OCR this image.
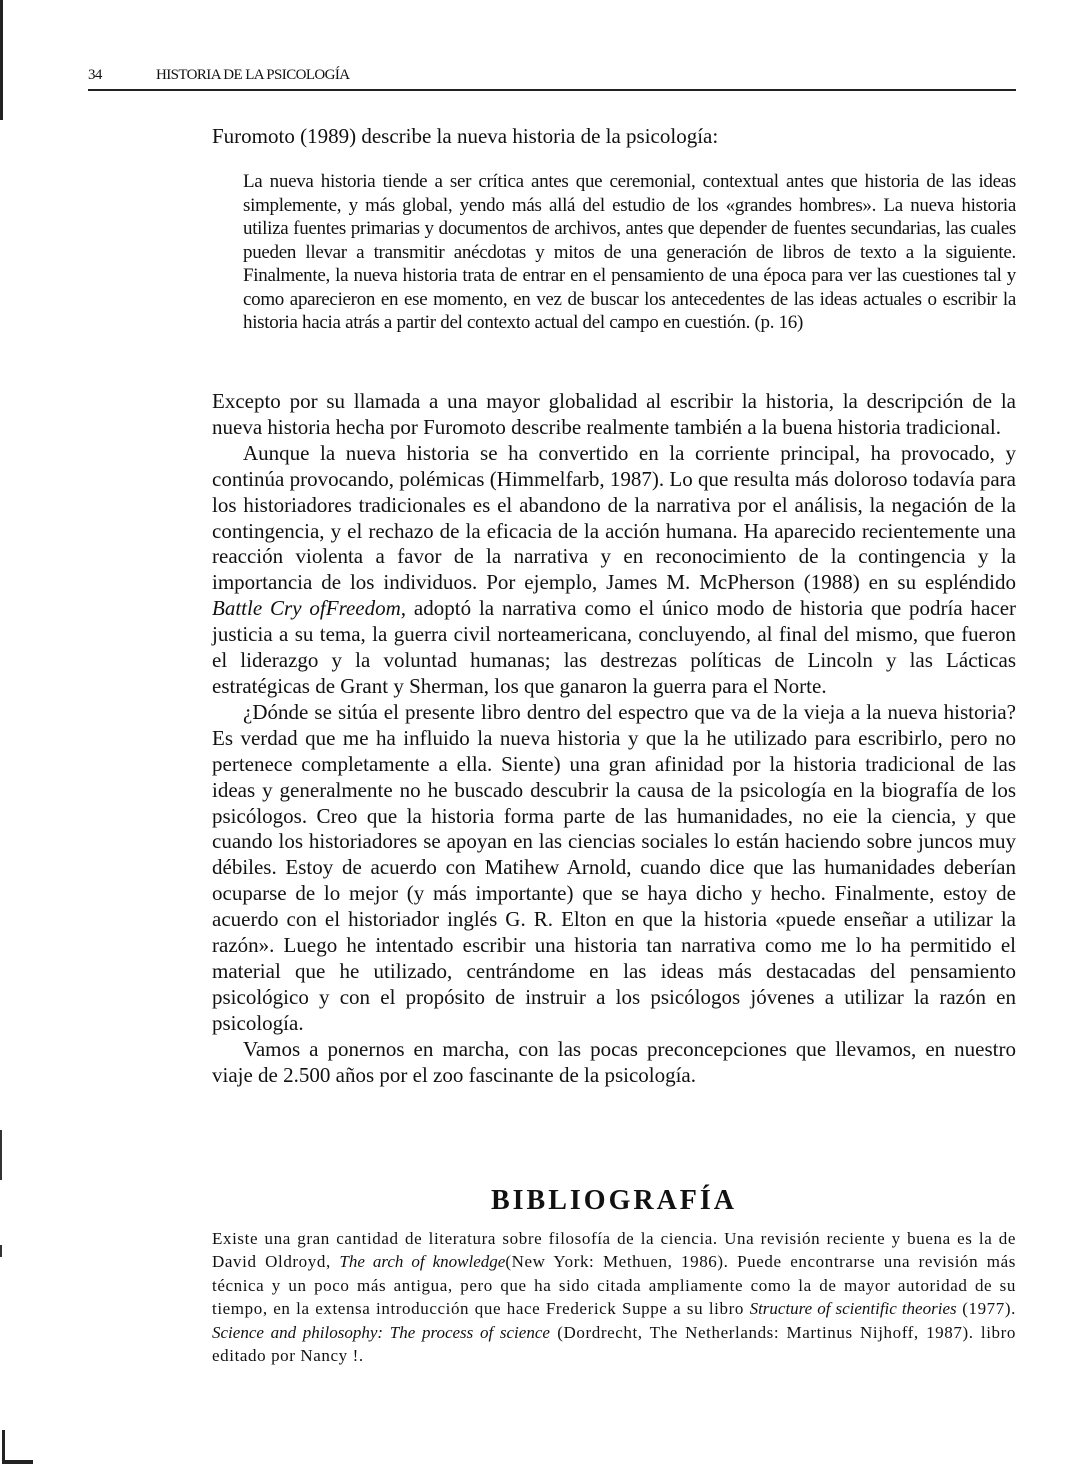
34	HISTORIA DE LA PSICOLOGÍA
Furomoto (1989) describe la nueva historia de la psicología:
La nueva historia tiende a ser crítica antes que ceremonial, contextual antes que historia de las ideas simplemente, y más global, yendo más allá del estudio de los «grandes hombres». La nueva historia utiliza fuentes primarias y documentos de archivos, antes que depender de fuentes secundarias, las cuales pueden llevar a transmitir anécdotas y mitos de una generación de libros de texto a la siguiente. Finalmente, la nueva historia trata de entrar en el pensamiento de una época para ver las cuestiones tal y como aparecieron en ese momento, en vez de buscar los antecedentes de las ideas actuales o escribir la historia hacia atrás a partir del contexto actual del campo en cuestión. (p. 16)

Excepto por su llamada a una mayor globalidad al escribir la historia, la descripción de la nueva historia hecha por Furomoto describe realmente también a la buena historia tradicional.

Aunque la nueva historia se ha convertido en la corriente principal, ha provocado, y continúa provocando, polémicas (Himmelfarb, 1987). Lo que resulta más doloroso todavía para los historiadores tradicionales es el abandono de la narrativa por el análisis, la negación de la contingencia, y el rechazo de la eficacia de la acción humana. Ha aparecido recientemente una reacción violenta a favor de la narrativa y en reconocimiento de la contingencia y la importancia de los individuos. Por ejemplo, James M. McPherson (1988) en su espléndido Battle Cry ofFreedom, adoptó la narrativa como el único modo de historia que podría hacer justicia a su tema, la guerra civil norteamericana, concluyendo, al final del mismo, que fueron el liderazgo y la voluntad humanas; las destrezas políticas de Lincoln y las Lácticas estratégicas de Grant y Sherman, los que ganaron la guerra para el Norte.

¿Dónde se sitúa el presente libro dentro del espectro que va de la vieja a la nueva historia? Es verdad que me ha influido la nueva historia y que la he utilizado para escribirlo, pero no pertenece completamente a ella. Siente) una gran afinidad por la historia tradicional de las ideas y generalmente no he buscado descubrir la causa de la psicología en la biografía de los psicólogos. Creo que la historia forma parte de las humanidades, no eie la ciencia, y que cuando los historiadores se apoyan en las ciencias sociales lo están haciendo sobre juncos muy débiles. Estoy de acuerdo con Matihew Arnold, cuando dice que las humanidades deberían ocuparse de lo mejor (y más importante) que se haya dicho y hecho. Finalmente, estoy de acuerdo con el historiador inglés G. R. Elton en que la historia «puede enseñar a utilizar la razón». Luego he intentado escribir una historia tan narrativa como me lo ha permitido el material que he utilizado, centrándome en las ideas más destacadas del pensamiento psicológico y con el propósito de instruir a los psicólogos jóvenes a utilizar la razón en psicología.

Vamos a ponernos en marcha, con las pocas preconcepciones que llevamos, en nuestro viaje de 2.500 años por el zoo fascinante de la psicología.

BIBLIOGRAFÍA
Existe una gran cantidad de literatura sobre filosofía de la ciencia. Una revisión reciente y buena es la de David Oldroyd, The arch of knowledge(New York: Methuen, 1986). Puede encontrarse una revisión más técnica y un poco más antigua, pero que ha sido citada ampliamente como la de mayor autoridad de su tiempo, en la extensa introducción que hace Frederick Suppe a su libro Structure of scientific theories (1977). Science and philosophy: The process of science (Dordrecht, The Netherlands: Martinus Nijhoff, 1987). libro editado por Nancy !.
